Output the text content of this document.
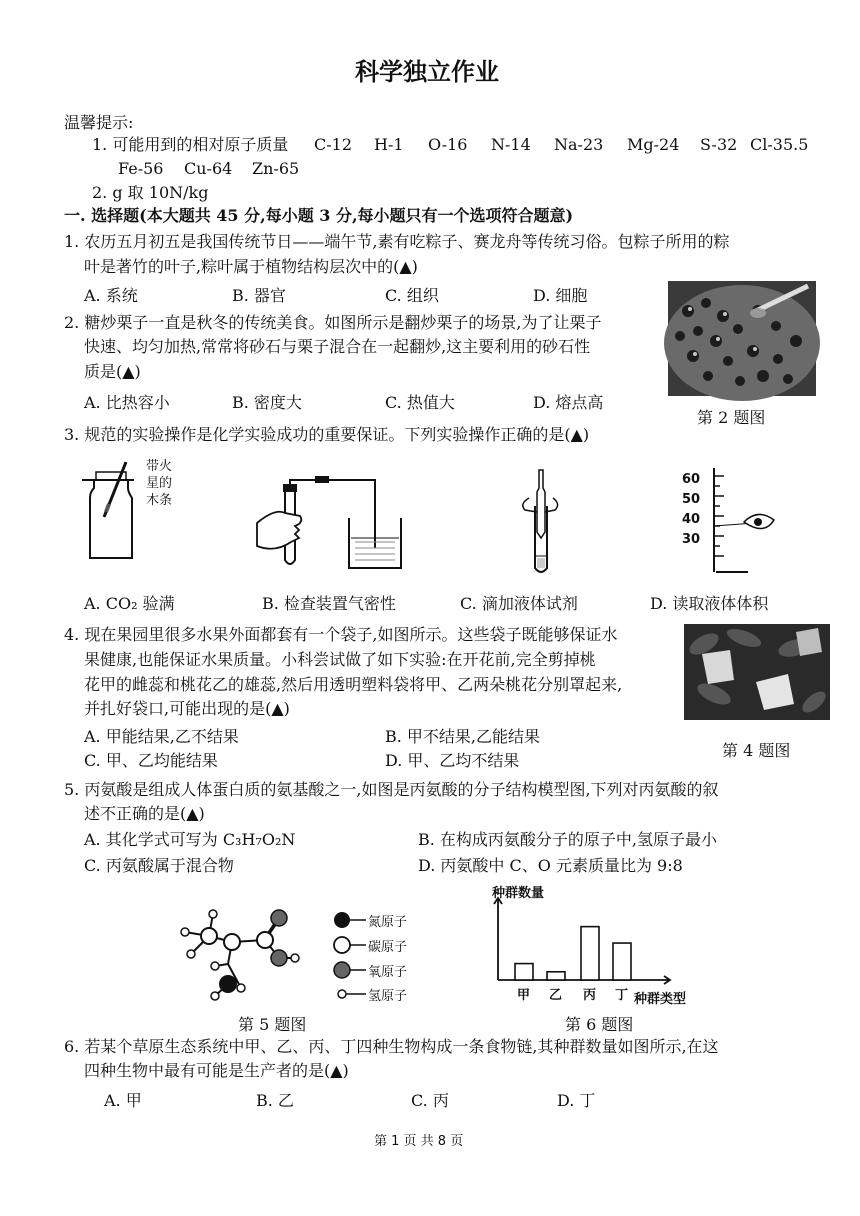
科学独立作业
温馨提示:
1. 可能用到的相对原子质量 C-12 H-1 O-16 N-14 Na-23 Mg-24 S-32 Cl-35.5
Fe-56 Cu-64 Zn-65
2. g 取 10N/kg
一. 选择题(本大题共 45 分,每小题 3 分,每小题只有一个选项符合题意)
1. 农历五月初五是我国传统节日——端午节,素有吃粽子、赛龙舟等传统习俗。包粽子所用的粽
叶是著竹的叶子,粽叶属于植物结构层次中的(▲)
A. 系统	B. 器官	C. 组织	D. 细胞
2. 糖炒栗子一直是秋冬的传统美食。如图所示是翻炒栗子的场景,为了让栗子
快速、均匀加热,常常将砂石与栗子混合在一起翻炒,这主要利用的砂石性
质是(▲)
A. 比热容小	B. 密度大	C. 热值大	D. 熔点高
第 2 题图
3. 规范的实验操作是化学实验成功的重要保证。下列实验操作正确的是(▲)
带火
星的
木条
60
50
40
30
A. CO₂ 验满	B. 检查装置气密性	C. 滴加液体试剂	D. 读取液体体积
4. 现在果园里很多水果外面都套有一个袋子,如图所示。这些袋子既能够保证水
果健康,也能保证水果质量。小科尝试做了如下实验:在开花前,完全剪掉桃
花甲的雌蕊和桃花乙的雄蕊,然后用透明塑料袋将甲、乙两朵桃花分别罩起来,
并扎好袋口,可能出现的是(▲)
A. 甲能结果,乙不结果	B. 甲不结果,乙能结果
C. 甲、乙均能结果	D. 甲、乙均不结果
第 4 题图
5. 丙氨酸是组成人体蛋白质的氨基酸之一,如图是丙氨酸的分子结构模型图,下列对丙氨酸的叙
述不正确的是(▲)
A. 其化学式可写为 C₃H₇O₂N	B. 在构成丙氨酸分子的原子中,氢原子最小
C. 丙氨酸属于混合物	D. 丙氨酸中 C、O 元素质量比为 9:8
氮原子
碳原子
氧原子
氢原子
第 5 题图
种群数量
甲 乙 丙 丁 种群类型
第 6 题图
6. 若某个草原生态系统中甲、乙、丙、丁四种生物构成一条食物链,其种群数量如图所示,在这
四种生物中最有可能是生产者的是(▲)
A. 甲	B. 乙	C. 丙	D. 丁
第 1 页 共 8 页
